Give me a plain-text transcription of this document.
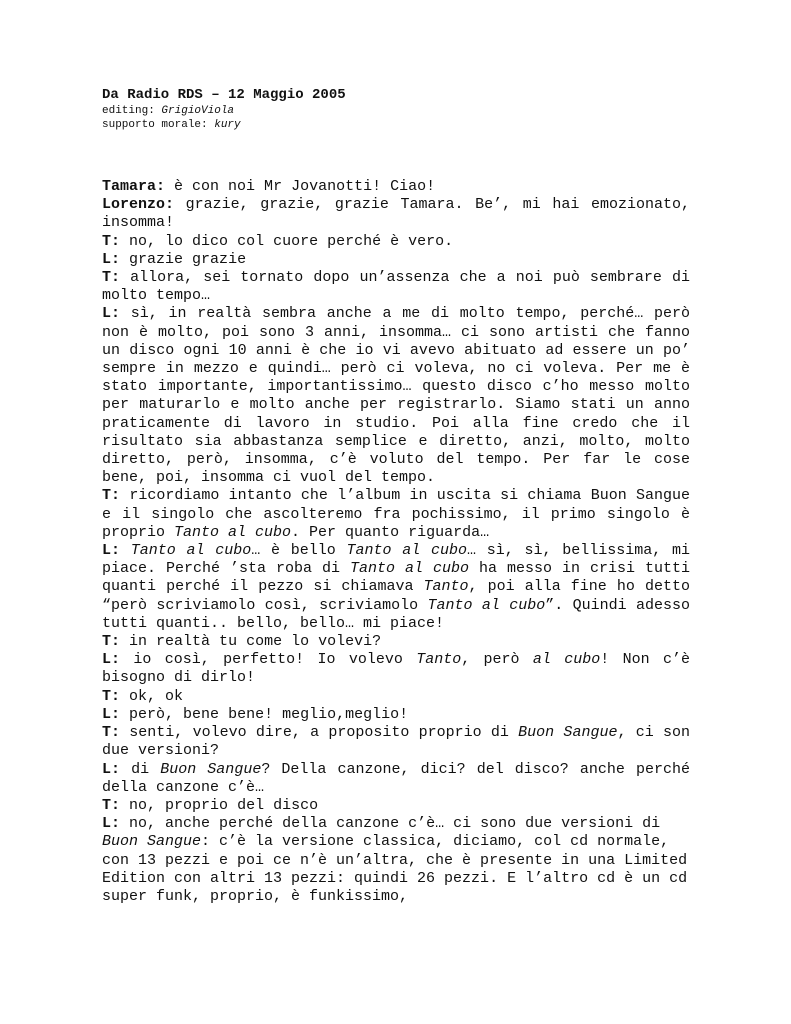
Da Radio RDS – 12 Maggio 2005

editing: GrigioViola

supporto morale: kury

Tamara: è con noi Mr Jovanotti! Ciao!

Lorenzo: grazie, grazie, grazie Tamara. Be’, mi hai emozionato, insomma!

T: no, lo dico col cuore perché è vero.

L: grazie grazie

T: allora, sei tornato dopo un’assenza che a noi può sembrare di molto tempo…

L: sì, in realtà sembra anche a me di molto tempo, perché… però non è molto, poi sono 3 anni, insomma… ci sono artisti che fanno un disco ogni 10 anni è che io vi avevo abituato ad essere un po’ sempre in mezzo e quindi… però ci voleva, no ci voleva. Per me è stato importante, importantissimo… questo disco c’ho messo molto per maturarlo e molto anche per registrarlo. Siamo stati un anno praticamente di lavoro in studio. Poi alla fine credo che il risultato sia abbastanza semplice e diretto, anzi, molto, molto diretto, però, insomma, c’è voluto del tempo. Per far le cose bene, poi, insomma ci vuol del tempo.

T: ricordiamo intanto che l’album in uscita si chiama Buon Sangue e il singolo che ascolteremo fra pochissimo, il primo singolo è proprio Tanto al cubo. Per quanto riguarda…

L: Tanto al cubo… è bello Tanto al cubo… sì, sì, bellissima, mi piace. Perché ’sta roba di Tanto al cubo ha messo in crisi tutti quanti perché il pezzo si chiamava Tanto, poi alla fine ho detto “però scriviamolo così, scriviamolo Tanto al cubo”. Quindi adesso tutti quanti.. bello, bello… mi piace!

T: in realtà tu come lo volevi?

L: io così, perfetto! Io volevo Tanto, però al cubo! Non c’è bisogno di dirlo!

T: ok, ok

L: però, bene bene! meglio,meglio!

T: senti, volevo dire, a proposito proprio di Buon Sangue, ci son due versioni?

L: di Buon Sangue? Della canzone, dici? del disco? anche perché della canzone c’è…

T: no, proprio del disco

L: no, anche perché della canzone c’è… ci sono due versioni di Buon Sangue: c’è la versione classica, diciamo, col cd normale, con 13 pezzi e poi ce n’è un’altra, che è presente in una Limited Edition con altri 13 pezzi: quindi 26 pezzi. E l’altro cd è un cd super funk, proprio, è funkissimo,
